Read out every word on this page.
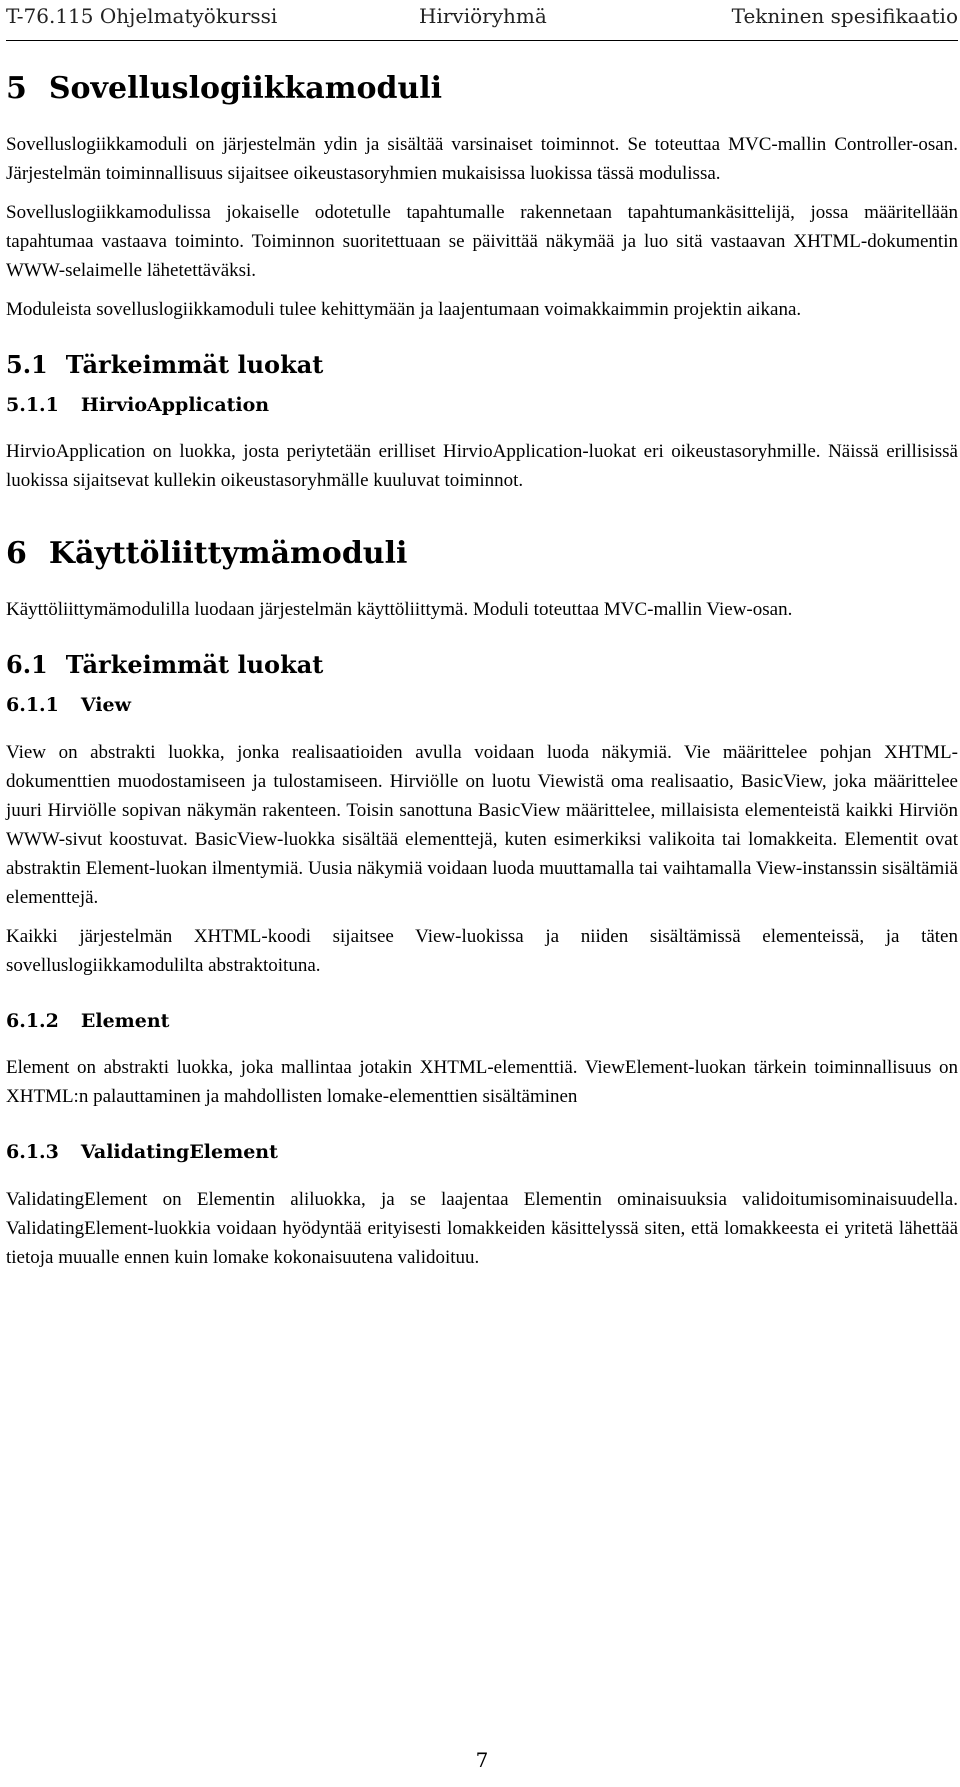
T-76.115 Ohjelmatyökurssi	Hirviöryhmä	Tekninen spesifikaatio
5 Sovelluslogiikkamoduli

Sovelluslogiikkamoduli on järjestelmän ydin ja sisältää varsinaiset toiminnot. Se toteuttaa MVC-mallin Controller-osan. Järjestelmän toiminnallisuus sijaitsee oikeustasoryhmien mukaisissa luokissa tässä modulissa.

Sovelluslogiikkamodulissa jokaiselle odotetulle tapahtumalle rakennetaan tapahtumankäsittelijä, jossa määritellään tapahtumaa vastaava toiminto. Toiminnon suoritettuaan se päivittää näkymää ja luo sitä vastaavan XHTML-dokumentin WWW-selaimelle lähetettäväksi.

Moduleista sovelluslogiikkamoduli tulee kehittymään ja laajentumaan voimakkaimmin projektin aikana.

5.1 Tärkeimmät luokat
5.1.1 HirvioApplication

HirvioApplication on luokka, josta periytetään erilliset HirvioApplication-luokat eri oikeustasoryhmille. Näissä erillisissä luokissa sijaitsevat kullekin oikeustasoryhmälle kuuluvat toiminnot.

6 Käyttöliittymämoduli

Käyttöliittymämodulilla luodaan järjestelmän käyttöliittymä. Moduli toteuttaa MVC-mallin View-osan.

6.1 Tärkeimmät luokat
6.1.1 View

View on abstrakti luokka, jonka realisaatioiden avulla voidaan luoda näkymiä. Vie määrittelee pohjan XHTML-dokumenttien muodostamiseen ja tulostamiseen. Hirviölle on luotu Viewistä oma realisaatio, BasicView, joka määrittelee juuri Hirviölle sopivan näkymän rakenteen. Toisin sanottuna BasicView määrittelee, millaisista elementeistä kaikki Hirviön WWW-sivut koostuvat. BasicView-luokka sisältää elementtejä, kuten esimerkiksi valikoita tai lomakkeita. Elementit ovat abstraktin Element-luokan ilmentymiä. Uusia näkymiä voidaan luoda muuttamalla tai vaihtamalla View-instanssin sisältämiä elementtejä.

Kaikki järjestelmän XHTML-koodi sijaitsee View-luokissa ja niiden sisältämissä elementeissä, ja täten sovelluslogiikkamodulilta abstraktoituna.

6.1.2 Element

Element on abstrakti luokka, joka mallintaa jotakin XHTML-elementtiä. ViewElement-luokan tärkein toiminnallisuus on XHTML:n palauttaminen ja mahdollisten lomake-elementtien sisältäminen

6.1.3 ValidatingElement

ValidatingElement on Elementin aliluokka, ja se laajentaa Elementin ominaisuuksia validoitumisominaisuudella. ValidatingElement-luokkia voidaan hyödyntää erityisesti lomakkeiden käsittelyssä siten, että lomakkeesta ei yritetä lähettää tietoja muualle ennen kuin lomake kokonaisuutena validoituu.

7
